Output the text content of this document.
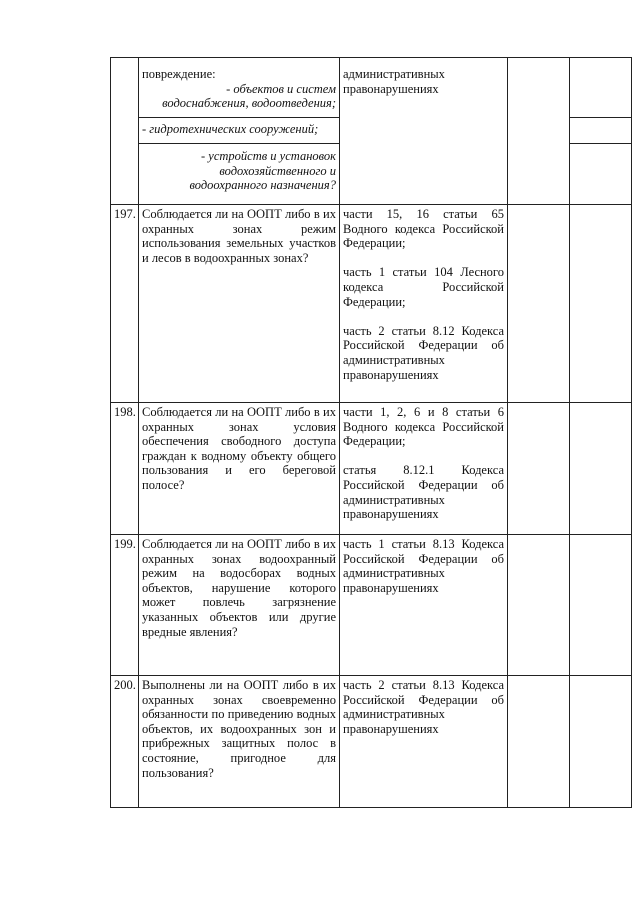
	повреждение:
- объектов и систем
водоснабжения, водоотведения;	административных правонарушениях		

	- гидротехнических сооружений;			

	- устройств и установок
водохозяйственного и
водоохранного назначения?			

197.	Соблюдается ли на ООПТ либо в их охранных зонах режим использования земельных участков и лесов в водоохранных зонах?	части 15, 16 статьи 65 Водного кодекса Российской Федерации;

часть 1 статьи 104 Лесного кодекса Российской Федерации;

часть 2 статьи 8.12 Кодекса Российской Федерации об административных правонарушениях		

198.	Соблюдается ли на ООПТ либо в их охранных зонах условия обеспечения свободного доступа граждан к водному объекту общего пользования и его береговой полосе?	части 1, 2, 6 и 8 статьи 6 Водного кодекса Российской Федерации;

статья 8.12.1 Кодекса Российской Федерации об административных правонарушениях		

199.	Соблюдается ли на ООПТ либо в их охранных зонах водоохранный режим на водосборах водных объектов, нарушение которого может повлечь загрязнение указанных объектов или другие вредные явления?	часть 1 статьи 8.13 Кодекса Российской Федерации об административных правонарушениях		

200.	Выполнены ли на ООПТ либо в их охранных зонах своевременно обязанности по приведению водных объектов, их водоохранных зон и прибрежных защитных полос в состояние, пригодное для пользования?	часть 2 статьи 8.13 Кодекса Российской Федерации об административных правонарушениях		
